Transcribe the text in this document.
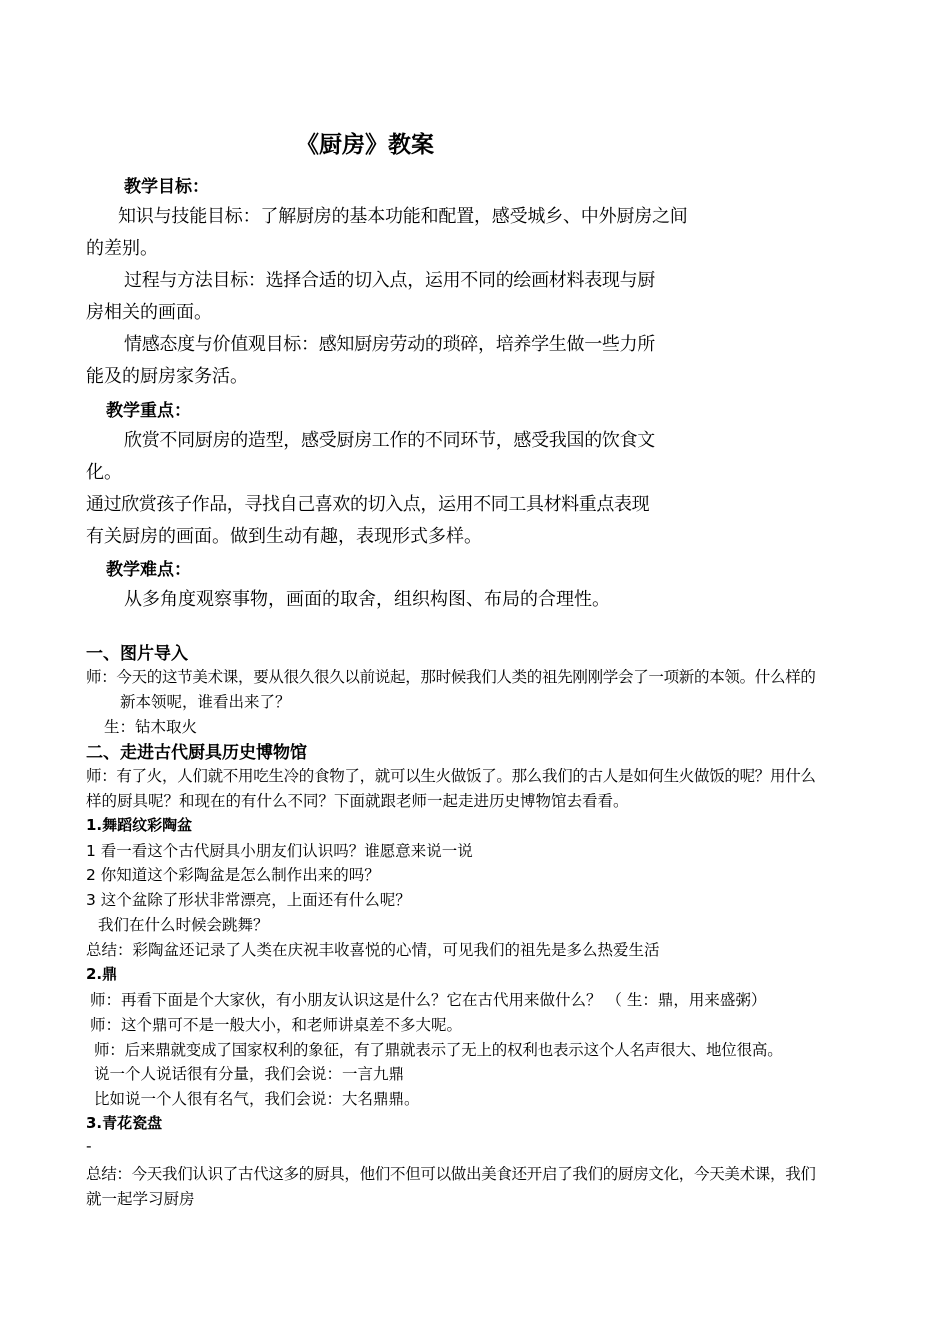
《厨房》教案
教学目标：
知识与技能目标：了解厨房的基本功能和配置，感受城乡、中外厨房之间
的差别。
过程与方法目标：选择合适的切入点，运用不同的绘画材料表现与厨
房相关的画面。
情感态度与价值观目标：感知厨房劳动的琐碎，培养学生做一些力所
能及的厨房家务活。
教学重点：
欣赏不同厨房的造型，感受厨房工作的不同环节，感受我国的饮食文
化。
通过欣赏孩子作品，寻找自己喜欢的切入点，运用不同工具材料重点表现
有关厨房的画面。做到生动有趣，表现形式多样。
教学难点：
从多角度观察事物，画面的取舍，组织构图、布局的合理性。
一、图片导入
师：今天的这节美术课，要从很久很久以前说起，那时候我们人类的祖先刚刚学会了一项新的本领。什么样的
新本领呢，谁看出来了？
生：钻木取火
二、走进古代厨具历史博物馆
师：有了火，人们就不用吃生冷的食物了，就可以生火做饭了。那么我们的古人是如何生火做饭的呢？用什么
样的厨具呢？和现在的有什么不同？下面就跟老师一起走进历史博物馆去看看。
1.舞蹈纹彩陶盆
1 看一看这个古代厨具小朋友们认识吗？谁愿意来说一说
2 你知道这个彩陶盆是怎么制作出来的吗？
3 这个盆除了形状非常漂亮，上面还有什么呢？
我们在什么时候会跳舞？
总结：彩陶盆还记录了人类在庆祝丰收喜悦的心情，可见我们的祖先是多么热爱生活
2.鼎
师：再看下面是个大家伙，有小朋友认识这是什么？它在古代用来做什么？ （ 生：鼎，用来盛粥）
师：这个鼎可不是一般大小，和老师讲桌差不多大呢。
师：后来鼎就变成了国家权利的象征，有了鼎就表示了无上的权利也表示这个人名声很大、地位很高。
说一个人说话很有分量，我们会说：一言九鼎
比如说一个人很有名气，我们会说：大名鼎鼎。
3.青花瓷盘
-
总结：今天我们认识了古代这多的厨具，他们不但可以做出美食还开启了我们的厨房文化，今天美术课，我们
就一起学习厨房
